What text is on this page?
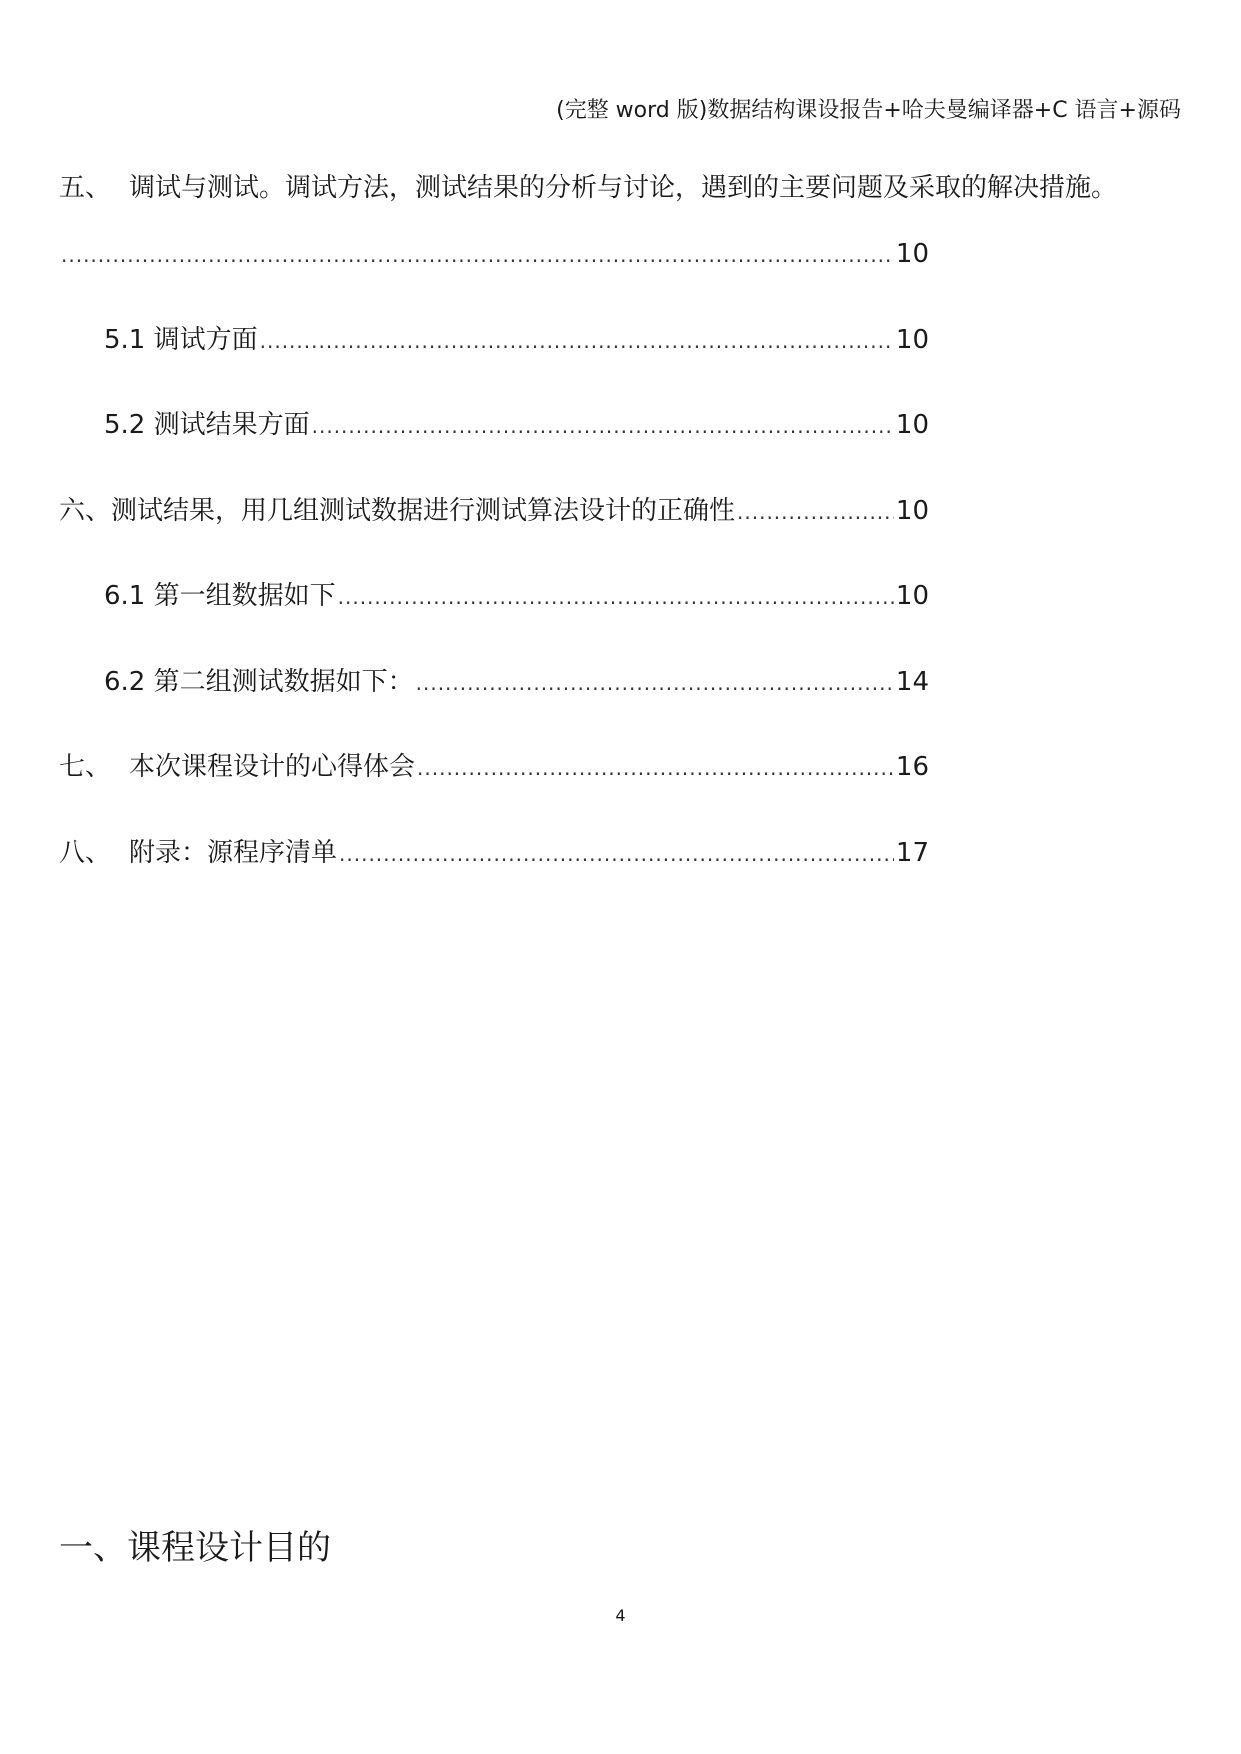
(完整 word 版)数据结构课设报告+哈夫曼编译器+C 语言+源码
五、 调试与测试。调试方法，测试结果的分析与讨论，遇到的主要问题及采取的解决措施。
.....
10
5.1 调试方面 .....	10
5.2 测试结果方面 .....	10
六、测试结果，用几组测试数据进行测试算法设计的正确性 .....	10
6.1 第一组数据如下 .....	10
6.2 第二组测试数据如下： .....	14
七、 本次课程设计的心得体会 .....	16
八、 附录：源程序清单 .....	17
一、课程设计目的
4
